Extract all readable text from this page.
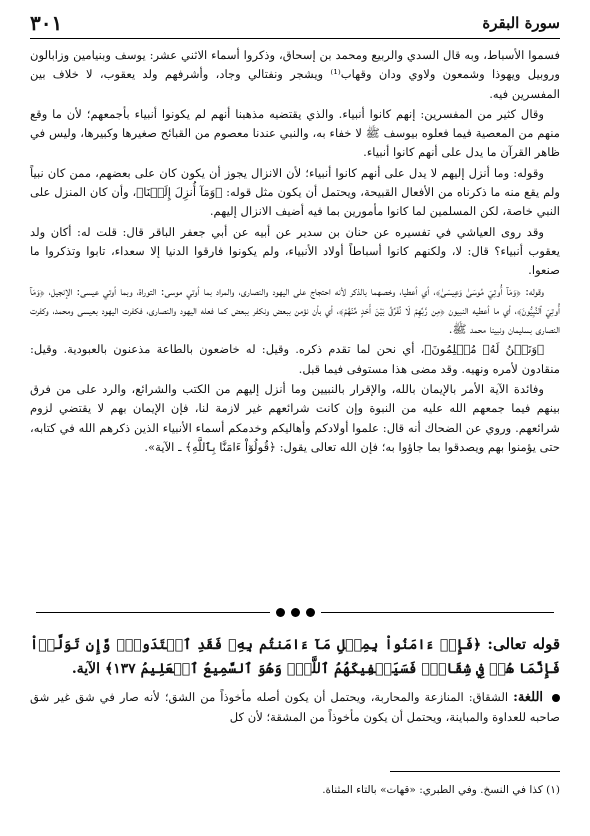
سورة البقرة
٣٠١

فسموا الأسباط، وبه قال السدي والربيع ومحمد بن إسحاق، وذكروا أسماء الاثني عشر: يوسف وبنيامين وزابالون وروبيل ويهوذا وشمعون ولاوي ودان وقهاب⁽¹⁾ ويشجر ونفتالي وجاد، وأشرفهم ولد يعقوب، لا خلاف بين المفسرين فيه.

وقال كثير من المفسرين: إنهم كانوا أنبياء. والذي يقتضيه مذهبنا أنهم لم يكونوا أنبياء بأجمعهم؛ لأن ما وقع منهم من المعصية فيما فعلوه بيوسف ﷺ لا خفاء به، والنبي عندنا معصوم من القبائح صغيرها وكبيرها، وليس في ظاهر القرآن ما يدل على أنهم كانوا أنبياء.

وقوله: وما أنزل إليهم لا يدل على أنهم كانوا أنبياء؛ لأن الانزال يجوز أن يكون كان على بعضهم، ممن كان نبياً ولم يقع منه ما ذكرناه من الأفعال القبيحة، ويحتمل أن يكون مثل قوله: ﴿وَمَآ أُنزِلَ إِلَيۡنَا﴾، وأن كان المنزل على النبي خاصة، لكن المسلمين لما كانوا مأمورين بما فيه أضيف الانزال إليهم.

وقد روى العياشي في تفسيره عن حنان بن سدير عن أبيه عن أبي جعفر الباقر قال: قلت له: أكان ولد يعقوب أنبياء؟ قال: لا، ولكنهم كانوا أسباطاً أولاد الأنبياء، ولم يكونوا فارقوا الدنيا إلا سعداء، تابوا وتذكروا ما صنعوا.

وقوله: ﴿وَمَآ أُوتِيَ مُوسَىٰ وَعِيسَىٰ﴾، أي أعطيا، وخصهما بالذكر لأنه احتجاج على اليهود والنصارى، والمراد بما أوتي موسى: التوراة، وبما أوتي عيسى: الإنجيل، ﴿وَمَآ أُوتِيَ ٱلنَّبِيُّونَ﴾، أي ما أعطيه النبيون ﴿مِن رَّبِّهِمۡ لَا نُفَرِّقُ بَيۡنَ أَحَدٍ مِّنۡهُمۡ﴾، أي بأن نؤمن ببعض ونكفر ببعض كما فعله اليهود والنصارى، فكفرت اليهود بعيسى ومحمد، وكفرت النصارى بسليمان ونبينا محمد ﷺ.

﴿وَنَحۡنُ لَهُۥ مُسۡلِمُونَ﴾، أي نحن لما تقدم ذكره. وقيل: له خاضعون بالطاعة مذعنون بالعبودية. وقيل: منقادون لأمره ونهيه. وقد مضى هذا مستوفى فيما قبل.

وفائدة الآية الأمر بالإيمان بالله، والإقرار بالنبيين وما أنزل إليهم من الكتب والشرائع، والرد على من فرق بينهم فيما جمعهم الله عليه من النبوة وإن كانت شرائعهم غير لازمة لنا، فإن الإيمان بهم لا يقتضي لزوم شرائعهم. وروي عن الضحاك أنه قال: علموا أولادكم وأهاليكم وخدمكم أسماء الأنبياء الذين ذكرهم الله في كتابه، حتى يؤمنوا بهم ويصدقوا بما جاؤوا به؛ فإن الله تعالى يقول: ﴿قُولُوٓاْ ءَامَنَّا بِٱللَّهِ﴾ ـ الآية».

قوله تعالى: ﴿فَإِنۡ ءَامَنُواْ بِمِثۡلِ مَآ ءَامَنتُم بِهِۦ فَقَدِ ٱهۡتَدَواْۖ وَّإِن تَوَلَّوۡاْ فَإِنَّمَا هُمۡ فِي شِقَاقٖۖ فَسَيَكۡفِيكَهُمُ ٱللَّهُۚ وَهُوَ ٱلسَّمِيعُ ٱلۡعَلِيمُ ١٣٧﴾ الآية.
اللغة: الشقاق: المنازعة والمحاربة، ويحتمل أن يكون أصله مأخوذاً من الشق؛ لأنه صار في شق غير شق صاحبه للعداوة والمباينة، ويحتمل أن يكون مأخوذاً من المشقة؛ لأن كل
(١) كذا في النسخ. وفي الطبري: «قهات» بالتاء المثناة.
